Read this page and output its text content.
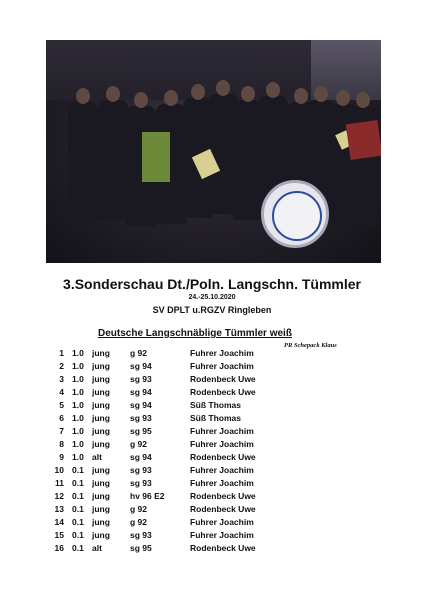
3.Sonderschau Dt./Poln. Langschn. Tümmler
24.-25.10.2020
SV DPLT u.RGZV Ringleben
Deutsche Langschnäblige Tümmler weiß
PR Schepack Klaus
1 1.0 jung g 92	Fuhrer Joachim
2 1.0 jung sg 94	Fuhrer Joachim
3 1.0 jung sg 93	Rodenbeck Uwe
4 1.0 jung sg 94	Rodenbeck Uwe
5 1.0 jung sg 94	Süß Thomas
6 1.0 jung sg 93	Süß Thomas
7 1.0 jung sg 95	Fuhrer Joachim
8 1.0 jung g 92	Fuhrer Joachim
9 1.0 alt	sg 94	Rodenbeck Uwe
10 0.1 jung sg 93	Fuhrer Joachim
11 0.1 jung sg 93	Fuhrer Joachim
12 0.1 jung hv 96 E2	Rodenbeck Uwe
13 0.1 jung g 92	Rodenbeck Uwe
14 0.1 jung g 92	Fuhrer Joachim
15 0.1 jung sg 93	Fuhrer Joachim
16 0.1 alt	sg 95	Rodenbeck Uwe
